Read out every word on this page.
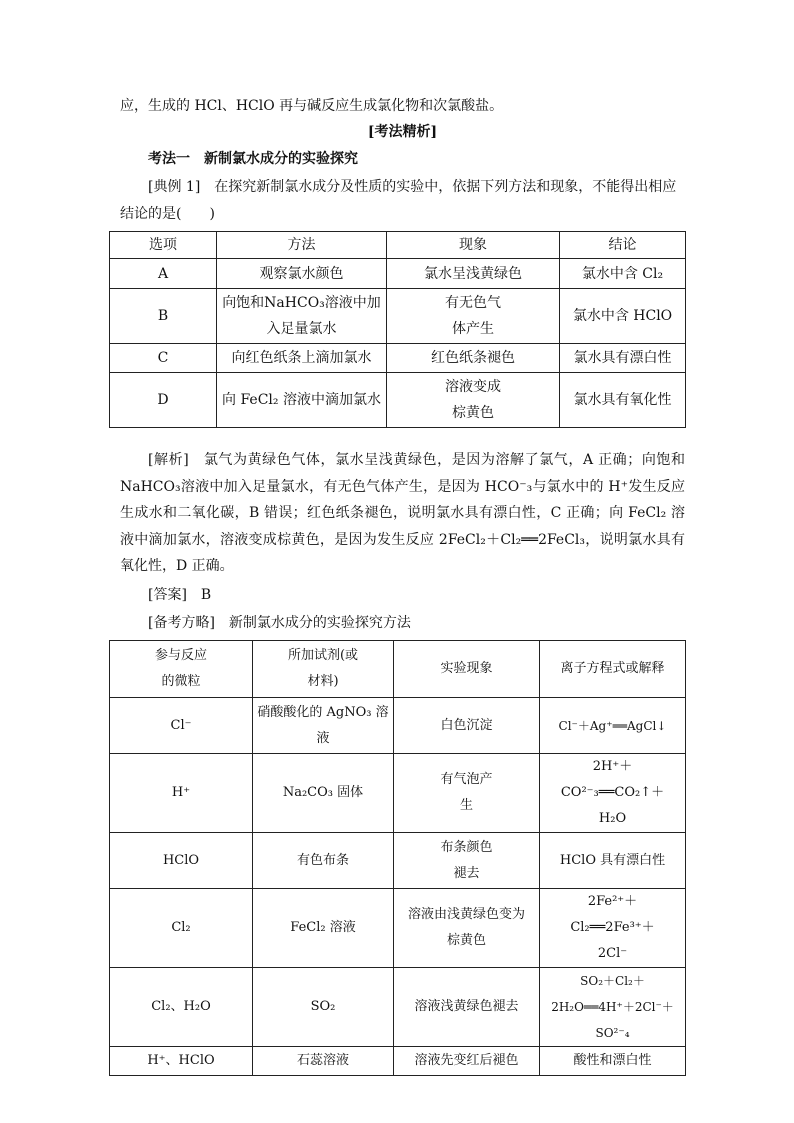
应，生成的 HCl、HClO 再与碱反应生成氯化物和次氯酸盐。
[考法精析]
考法一　新制氯水成分的实验探究
[典例 1]　在探究新制氯水成分及性质的实验中，依据下列方法和现象，不能得出相应
结论的是(　　)
选项	方法	现象	结论
A	观察氯水颜色	氯水呈浅黄绿色	氯水中含 Cl₂
B	向饱和NaHCO₃溶液中加入足量氯水	有无色气体产生	氯水中含 HClO
C	向红色纸条上滴加氯水	红色纸条褪色	氯水具有漂白性
D	向 FeCl₂ 溶液中滴加氯水	溶液变成棕黄色	氯水具有氧化性
[解析]　氯气为黄绿色气体，氯水呈浅黄绿色，是因为溶解了氯气，A 正确；向饱和NaHCO₃溶液中加入足量氯水，有无色气体产生，是因为 HCO⁻₃与氯水中的 H⁺发生反应生成水和二氧化碳，B 错误；红色纸条褪色，说明氯水具有漂白性，C 正确；向 FeCl₂ 溶液中滴加氯水，溶液变成棕黄色，是因为发生反应 2FeCl₂＋Cl₂══2FeCl₃，说明氯水具有氧化性，D 正确。
[答案]　B
[备考方略]　新制氯水成分的实验探究方法
参与反应的微粒	所加试剂(或材料)	实验现象	离子方程式或解释
Cl⁻	硝酸酸化的 AgNO₃ 溶液	白色沉淀	Cl⁻＋Ag⁺══AgCl↓
H⁺	Na₂CO₃ 固体	有气泡产生	2H⁺＋CO²⁻₃══CO₂↑＋H₂O
HClO	有色布条	布条颜色褪去	HClO 具有漂白性
Cl₂	FeCl₂ 溶液	溶液由浅黄绿色变为棕黄色	2Fe²⁺＋Cl₂══2Fe³⁺＋2Cl⁻
Cl₂、H₂O	SO₂	溶液浅黄绿色褪去	SO₂＋Cl₂＋2H₂O══4H⁺＋2Cl⁻＋SO²⁻₄
H⁺、HClO	石蕊溶液	溶液先变红后褪色	酸性和漂白性
